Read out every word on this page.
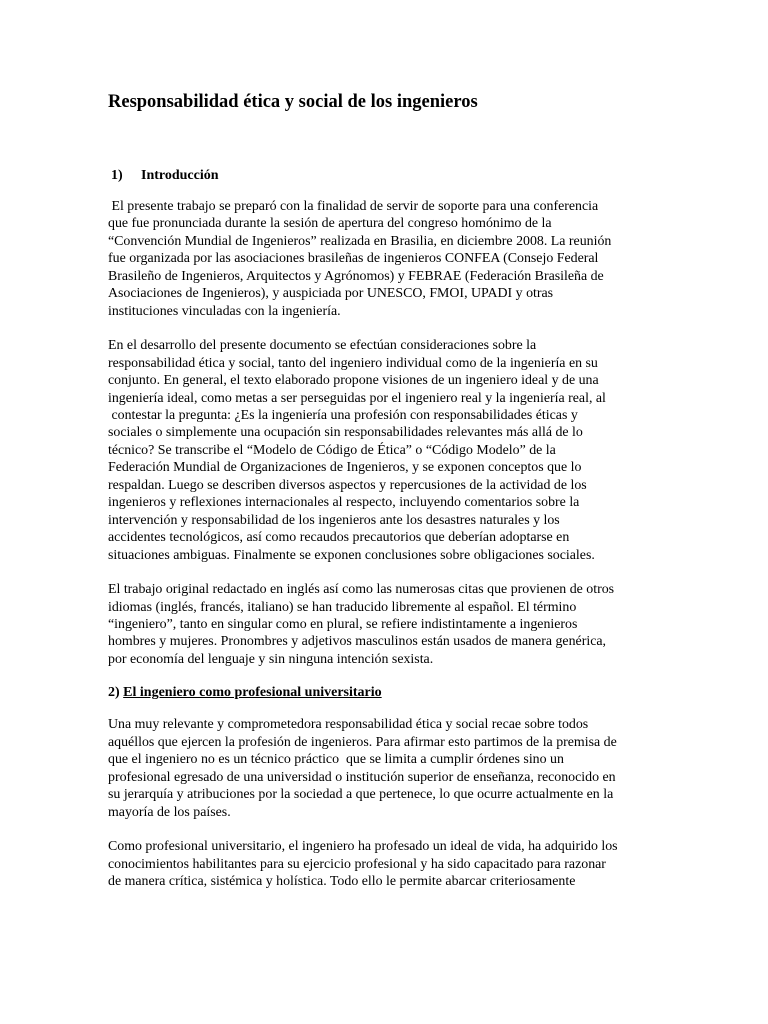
Responsabilidad ética y social de los ingenieros
1) Introducción

El presente trabajo se preparó con la finalidad de servir de soporte para una conferencia
que fue pronunciada durante la sesión de apertura del congreso homónimo de la
“Convención Mundial de Ingenieros” realizada en Brasilia, en diciembre 2008. La reunión
fue organizada por las asociaciones brasileñas de ingenieros CONFEA (Consejo Federal
Brasileño de Ingenieros, Arquitectos y Agrónomos) y FEBRAE (Federación Brasileña de
Asociaciones de Ingenieros), y auspiciada por UNESCO, FMOI, UPADI y otras
instituciones vinculadas con la ingeniería.

En el desarrollo del presente documento se efectúan consideraciones sobre la
responsabilidad ética y social, tanto del ingeniero individual como de la ingeniería en su
conjunto. En general, el texto elaborado propone visiones de un ingeniero ideal y de una
ingeniería ideal, como metas a ser perseguidas por el ingeniero real y la ingeniería real, al
contestar la pregunta: ¿Es la ingeniería una profesión con responsabilidades éticas y
sociales o simplemente una ocupación sin responsabilidades relevantes más allá de lo
técnico? Se transcribe el “Modelo de Código de Ética” o “Código Modelo” de la
Federación Mundial de Organizaciones de Ingenieros, y se exponen conceptos que lo
respaldan. Luego se describen diversos aspectos y repercusiones de la actividad de los
ingenieros y reflexiones internacionales al respecto, incluyendo comentarios sobre la
intervención y responsabilidad de los ingenieros ante los desastres naturales y los
accidentes tecnológicos, así como recaudos precautorios que deberían adoptarse en
situaciones ambiguas. Finalmente se exponen conclusiones sobre obligaciones sociales.

El trabajo original redactado en inglés así como las numerosas citas que provienen de otros
idiomas (inglés, francés, italiano) se han traducido libremente al español. El término
“ingeniero”, tanto en singular como en plural, se refiere indistintamente a ingenieros
hombres y mujeres. Pronombres y adjetivos masculinos están usados de manera genérica,
por economía del lenguaje y sin ninguna intención sexista.

2) El ingeniero como profesional universitario

Una muy relevante y comprometedora responsabilidad ética y social recae sobre todos
aquéllos que ejercen la profesión de ingenieros. Para afirmar esto partimos de la premisa de
que el ingeniero no es un técnico práctico  que se limita a cumplir órdenes sino un
profesional egresado de una universidad o institución superior de enseñanza, reconocido en
su jerarquía y atribuciones por la sociedad a que pertenece, lo que ocurre actualmente en la
mayoría de los países.

Como profesional universitario, el ingeniero ha profesado un ideal de vida, ha adquirido los
conocimientos habilitantes para su ejercicio profesional y ha sido capacitado para razonar
de manera crítica, sistémica y holística. Todo ello le permite abarcar criteriosamente
